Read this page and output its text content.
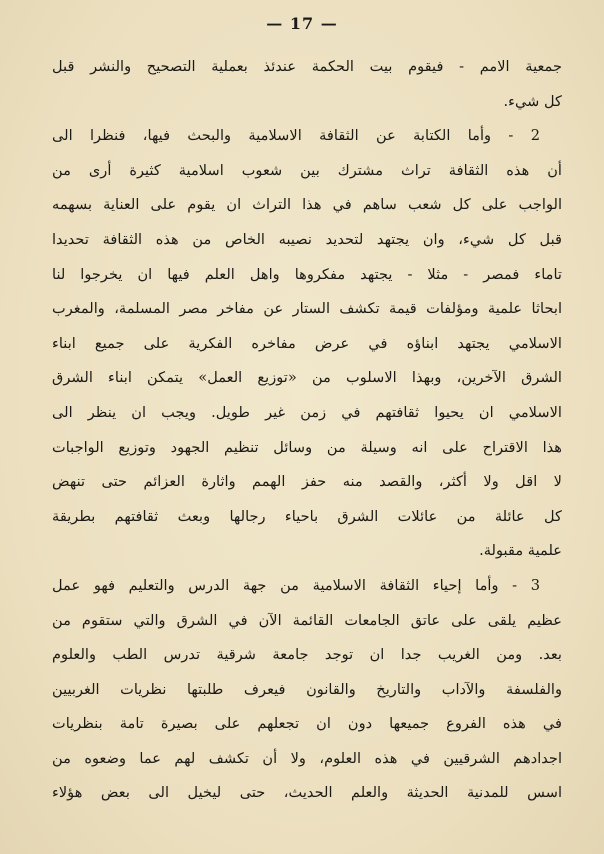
— 17 —

جمعية الامم - فيقوم بيت الحكمة عندئذ بعملية التصحيح والنشر قبل

كل شيء.

2 - وأما الكتابة عن الثقافة الاسلامية والبحث فيها، فنظرا الى

أن هذه الثقافة تراث مشترك بين شعوب اسلامية كثيرة أرى من

الواجب على كل شعب ساهم في هذا التراث ان يقوم على العناية بسهمه

قبل كل شيء، وان يجتهد لتحديد نصيبه الخاص من هذه الثقافة تحديدا

تاماء فمصر - مثلا - يجتهد مفكروها واهل العلم فيها ان يخرجوا لنا

ابحاثا علمية ومؤلفات قيمة تكشف الستار عن مفاخر مصر المسلمة، والمغرب

الاسلامي يجتهد ابناؤه في عرض مفاخره الفكرية على جميع ابناء

الشرق الآخرين، وبهذا الاسلوب من «توزيع العمل» يتمكن ابناء الشرق

الاسلامي ان يحيوا ثقافتهم في زمن غير طويل. ويجب ان ينظر الى

هذا الاقتراح على انه وسيلة من وسائل تنظيم الجهود وتوزيع الواجبات

لا اقل ولا أكثر، والقصد منه حفز الهمم واثارة العزائم حتى تنهض

كل عائلة من عائلات الشرق باحياء رجالها وبعث ثقافتهم بطريقة

علمية مقبولة.

3 - وأما إحياء الثقافة الاسلامية من جهة الدرس والتعليم فهو عمل

عظيم يلقى على عاتق الجامعات القائمة الآن في الشرق والتي ستقوم من

بعد. ومن الغريب جدا ان توجد جامعة شرقية تدرس الطب والعلوم

والفلسفة والآداب والتاريخ والقانون فيعرف طلبتها نظريات الغربيين

في هذه الفروع جميعها دون ان تجعلهم على بصيرة تامة بنظريات

اجدادهم الشرقيين في هذه العلوم، ولا أن تكشف لهم عما وضعوه من

اسس للمدنية الحديثة والعلم الحديث، حتى ليخيل الى بعض هؤلاء
